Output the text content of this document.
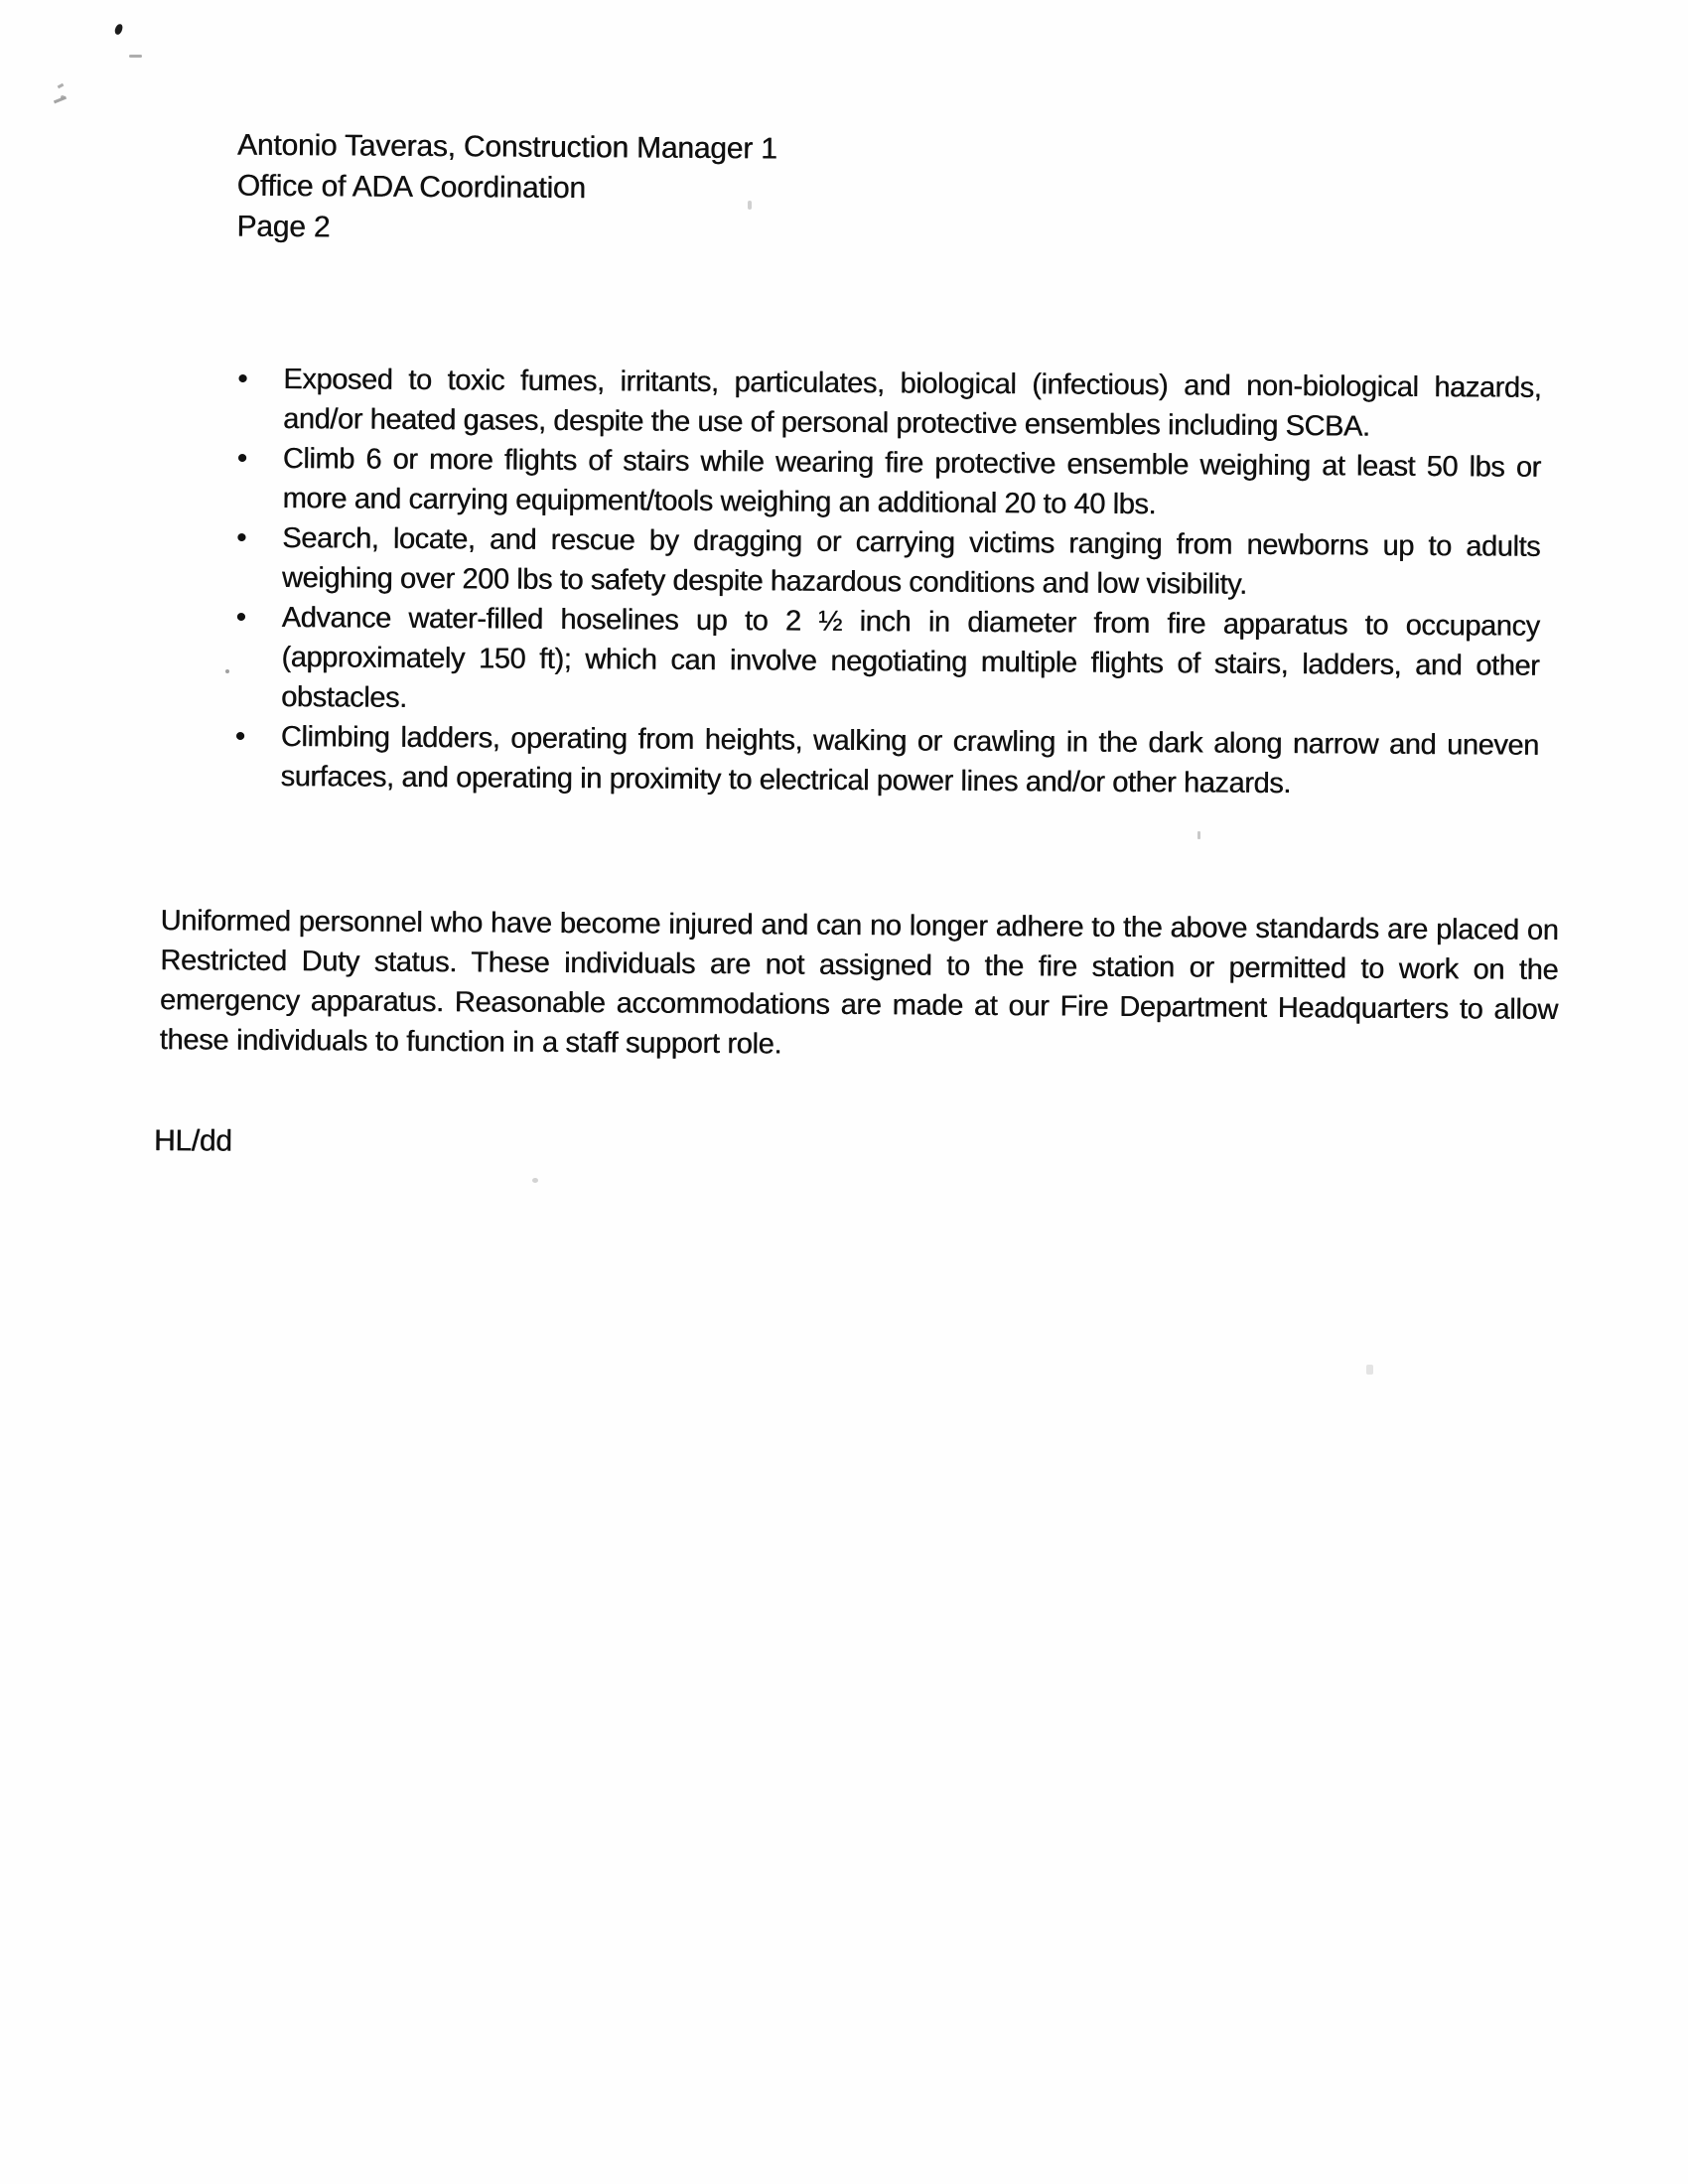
Antonio Taveras, Construction Manager 1
Office of ADA Coordination
Page 2
• Exposed to toxic fumes, irritants, particulates, biological (infectious) and non-biological hazards, and/or heated gases, despite the use of personal protective ensembles including SCBA.
• Climb 6 or more flights of stairs while wearing fire protective ensemble weighing at least 50 lbs or more and carrying equipment/tools weighing an additional 20 to 40 lbs.
• Search, locate, and rescue by dragging or carrying victims ranging from newborns up to adults weighing over 200 lbs to safety despite hazardous conditions and low visibility.
• Advance water-filled hoselines up to 2 ½ inch in diameter from fire apparatus to occupancy (approximately 150 ft); which can involve negotiating multiple flights of stairs, ladders, and other obstacles.
• Climbing ladders, operating from heights, walking or crawling in the dark along narrow and uneven surfaces, and operating in proximity to electrical power lines and/or other hazards.

Uniformed personnel who have become injured and can no longer adhere to the above standards are placed on Restricted Duty status. These individuals are not assigned to the fire station or permitted to work on the emergency apparatus. Reasonable accommodations are made at our Fire Department Headquarters to allow these individuals to function in a staff support role.

HL/dd
